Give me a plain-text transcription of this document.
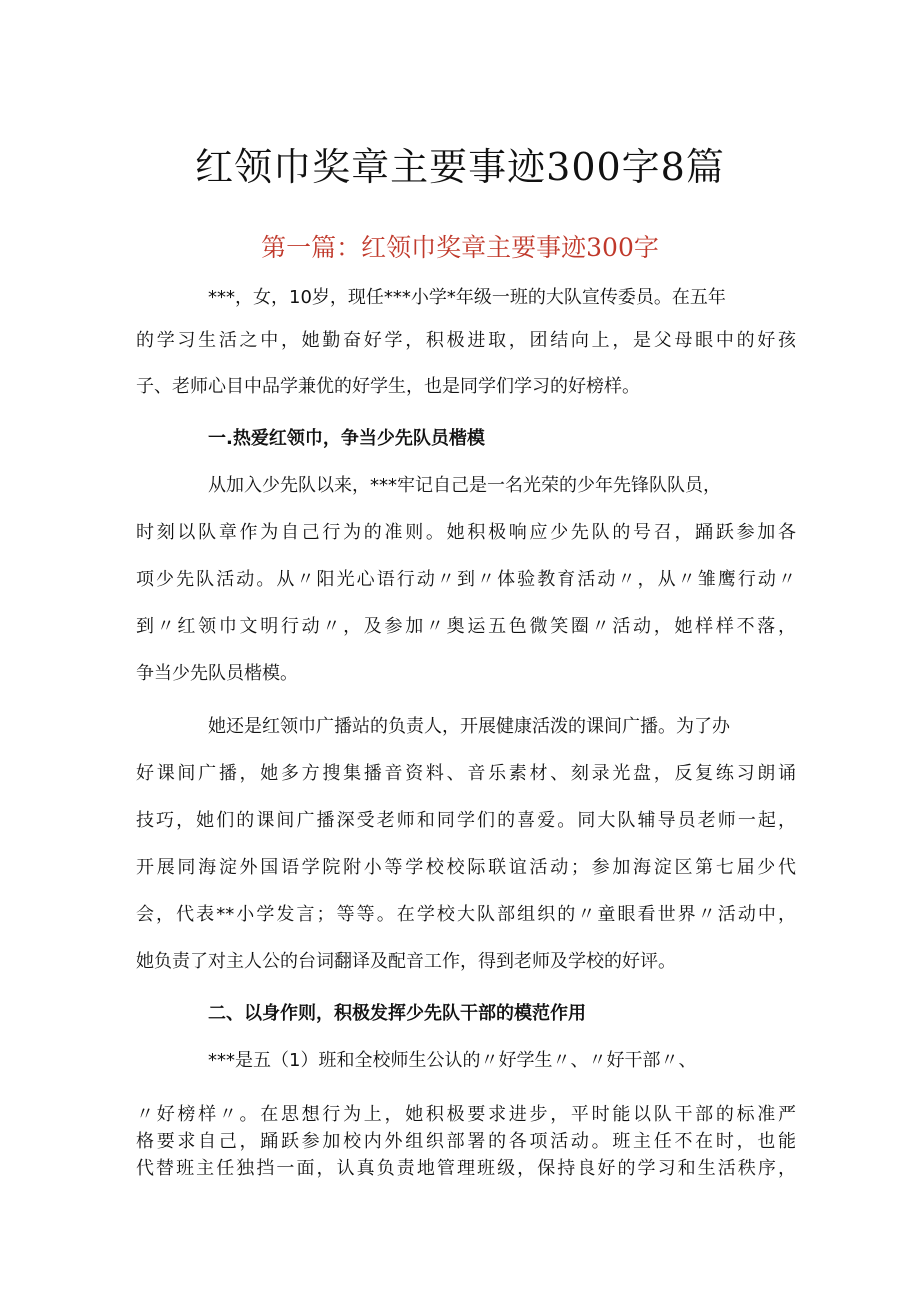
红领巾奖章主要事迹300字8篇
第一篇：红领巾奖章主要事迹300字
***，女，10岁，现任***小学*年级一班的大队宣传委员。在五年
的学习生活之中，她勤奋好学，积极进取，团结向上，是父母眼中的好孩
子、老师心目中品学兼优的好学生，也是同学们学习的好榜样。
一.热爱红领巾，争当少先队员楷模
从加入少先队以来，***牢记自己是一名光荣的少年先锋队队员，
时刻以队章作为自己行为的准则。她积极响应少先队的号召，踊跃参加各
项少先队活动。从〃阳光心语行动〃到〃体验教育活动〃，从〃雏鹰行动〃
到〃红领巾文明行动〃，及参加〃奥运五色微笑圈〃活动，她样样不落，
争当少先队员楷模。
她还是红领巾广播站的负责人，开展健康活泼的课间广播。为了办
好课间广播，她多方搜集播音资料、音乐素材、刻录光盘，反复练习朗诵
技巧，她们的课间广播深受老师和同学们的喜爱。同大队辅导员老师一起，
开展同海淀外国语学院附小等学校校际联谊活动；参加海淀区第七届少代
会，代表**小学发言；等等。在学校大队部组织的〃童眼看世界〃活动中，
她负责了对主人公的台词翻译及配音工作，得到老师及学校的好评。
二、以身作则，积极发挥少先队干部的模范作用
***是五（1）班和全校师生公认的〃好学生〃、〃好干部〃、
〃好榜样〃。在思想行为上，她积极要求进步，平时能以队干部的标准严
格要求自己，踊跃参加校内外组织部署的各项活动。班主任不在时，也能
代替班主任独挡一面，认真负责地管理班级，保持良好的学习和生活秩序，
